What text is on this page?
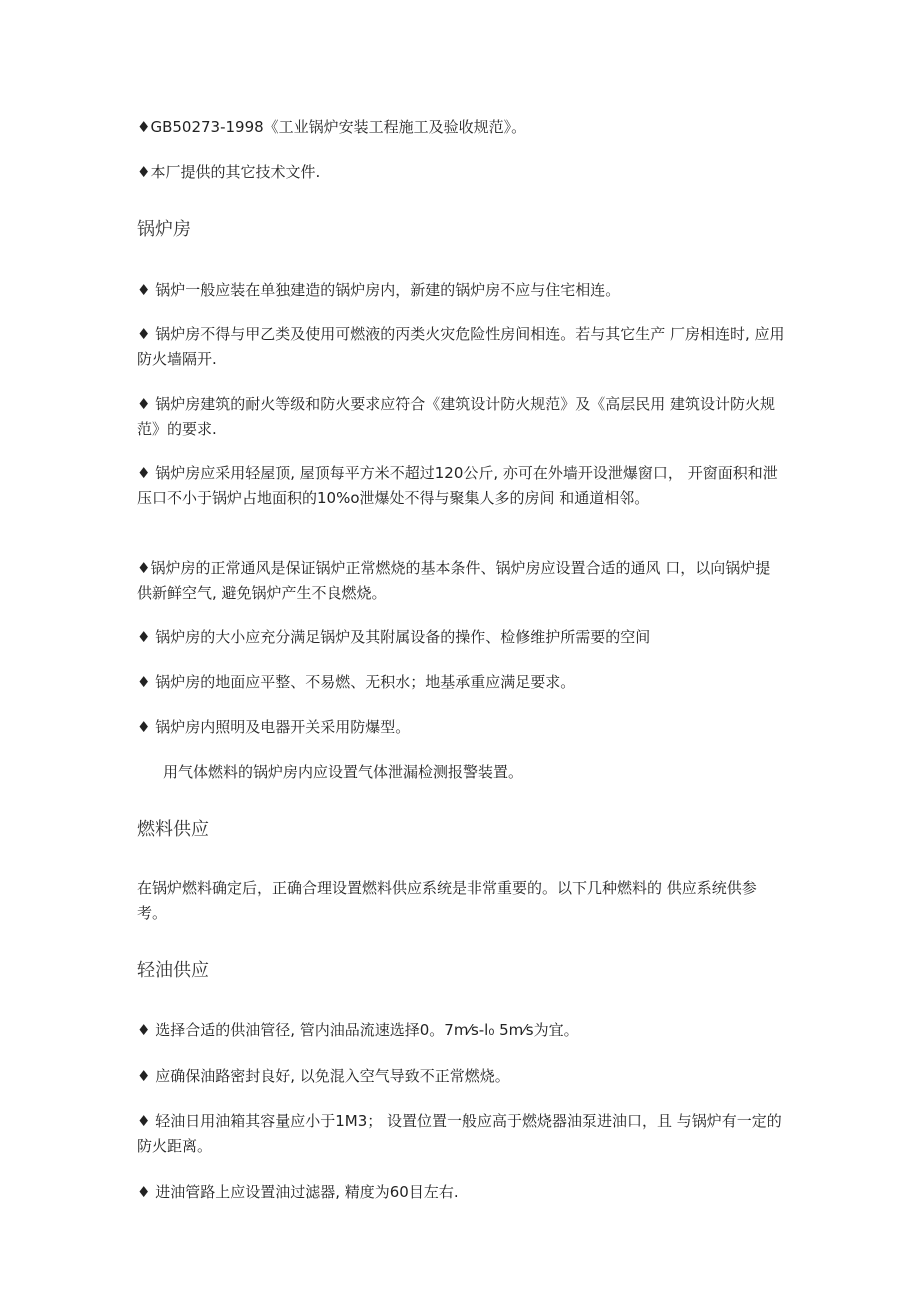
♦GB50273-1998《工业锅炉安装工程施工及验收规范》。

♦本厂提供的其它技术文件.

锅炉房

♦ 锅炉一般应装在单独建造的锅炉房内，新建的锅炉房不应与住宅相连。

♦ 锅炉房不得与甲乙类及使用可燃液的丙类火灾危险性房间相连。若与其它生产 厂房相连时, 应用防火墙隔开.

♦ 锅炉房建筑的耐火等级和防火要求应符合《建筑设计防火规范》及《高层民用 建筑设计防火规范》的要求.

♦ 锅炉房应采用轻屋顶, 屋顶每平方米不超过120公斤, 亦可在外墙开设泄爆窗口， 开窗面积和泄压口不小于锅炉占地面积的10%o泄爆处不得与聚集人多的房间 和通道相邻。

♦锅炉房的正常通风是保证锅炉正常燃烧的基本条件、锅炉房应设置合适的通风 口，以向锅炉提供新鲜空气, 避免锅炉产生不良燃烧。

♦ 锅炉房的大小应充分满足锅炉及其附属设备的操作、检修维护所需要的空间

♦ 锅炉房的地面应平整、不易燃、无积水；地基承重应满足要求。

♦ 锅炉房内照明及电器开关采用防爆型。

用气体燃料的锅炉房内应设置气体泄漏检测报警装置。

燃料供应

在锅炉燃料确定后，正确合理设置燃料供应系统是非常重要的。以下几种燃料的 供应系统供参考。

轻油供应

♦ 选择合适的供油管径, 管内油品流速选择0。7m⁄s-l₀ 5m⁄s为宜。

♦ 应确保油路密封良好, 以免混入空气导致不正常燃烧。

♦ 轻油日用油箱其容量应小于1M3； 设置位置一般应高于燃烧器油泵进油口，且 与锅炉有一定的防火距离。

♦ 进油管路上应设置油过滤器, 精度为60目左右.
